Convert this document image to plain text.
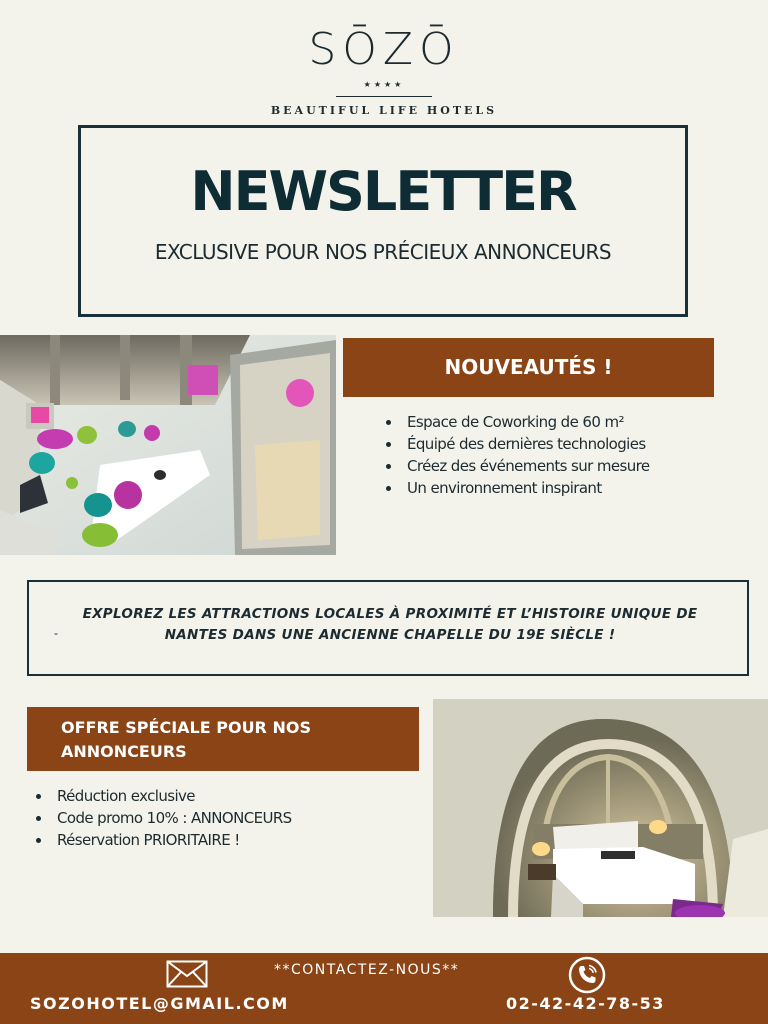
SŌZŌ
★★★★
BEAUTIFUL LIFE HOTELS
NEWSLETTER
EXCLUSIVE POUR NOS PRÉCIEUX ANNONCEURS
NOUVEAUTÉS !
Espace de Coworking de 60 m²
Équipé des dernières technologies
Créez des événements sur mesure
Un environnement inspirant
-
EXPLOREZ LES ATTRACTIONS LOCALES À PROXIMITÉ ET L’HISTOIRE UNIQUE DE
NANTES DANS UNE ANCIENNE CHAPELLE DU 19E SIÈCLE !
OFFRE SPÉCIALE POUR NOS
ANNONCEURS
Réduction exclusive
Code promo 10% : ANNONCEURS
Réservation PRIORITAIRE !
**CONTACTEZ-NOUS**
SOZOHOTEL@GMAIL.COM	02-42-42-78-53
